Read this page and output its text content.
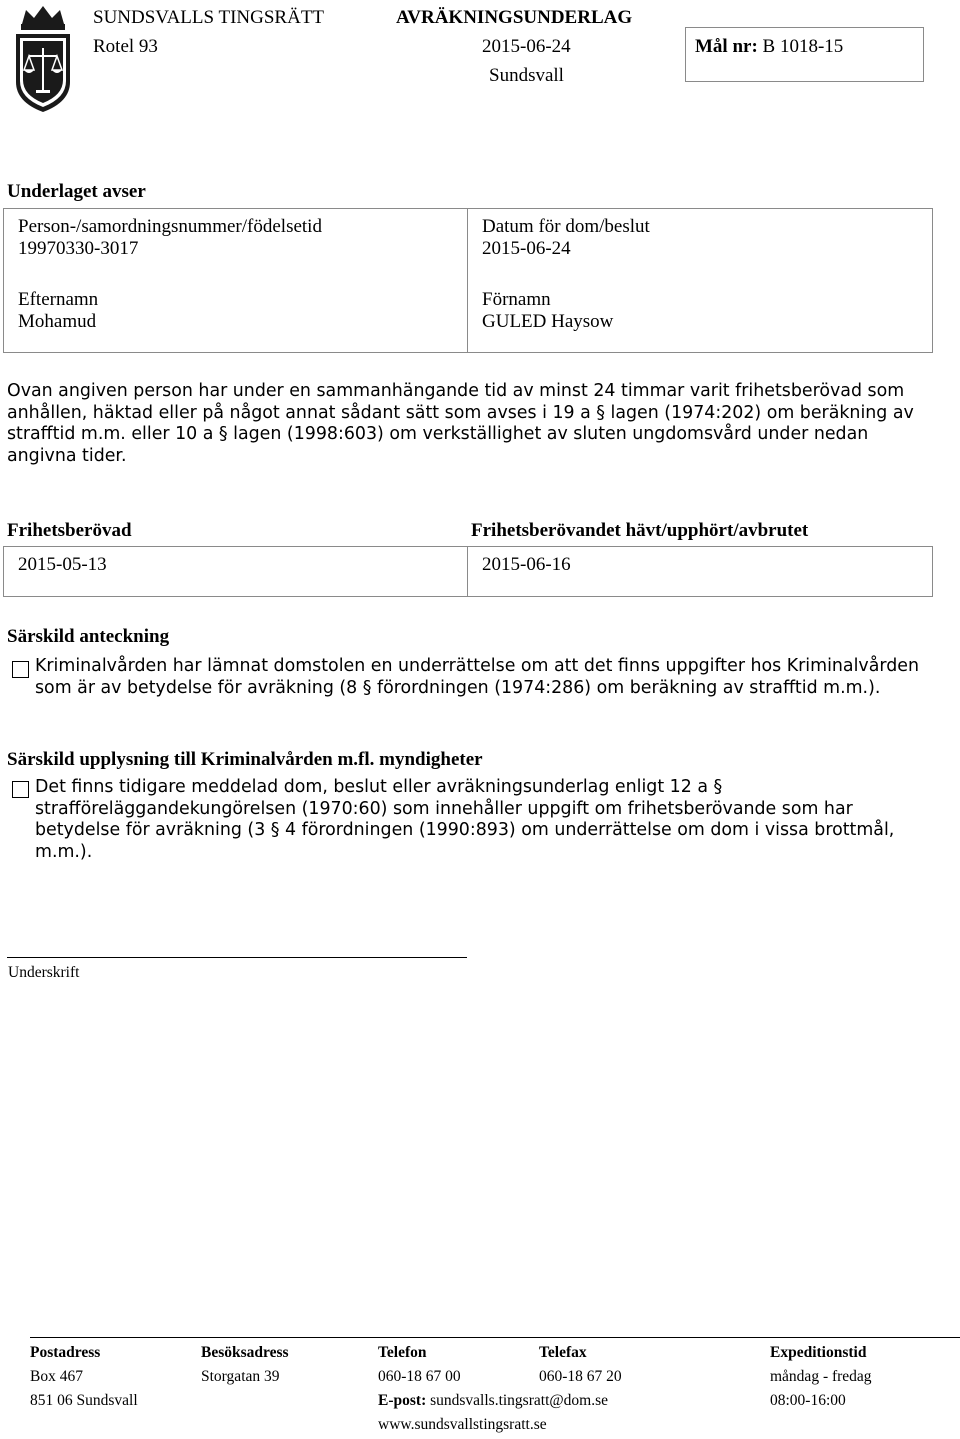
SUNDSVALLS TINGSRÄTT	AVRÄKNINGSUNDERLAG
Rotel 93	2015-06-24
Sundsvall
Mål nr: B 1018-15
Underlaget avser
Person-/samordningsnummer/födelsetid
19970330-3017
Datum för dom/beslut
2015-06-24
Efternamn
Mohamud
Förnamn
GULED Haysow
Ovan angiven person har under en sammanhängande tid av minst 24 timmar varit frihetsberövad som
anhållen, häktad eller på något annat sådant sätt som avses i 19 a § lagen (1974:202) om beräkning av
strafftid m.m. eller 10 a § lagen (1998:603) om verkställighet av sluten ungdomsvård under nedan
angivna tider.
Frihetsberövad	Frihetsberövandet hävt/upphört/avbrutet
2015-05-13	2015-06-16
Särskild anteckning
Kriminalvården har lämnat domstolen en underrättelse om att det finns uppgifter hos Kriminalvården
som är av betydelse för avräkning (8 § förordningen (1974:286) om beräkning av strafftid m.m.).
Särskild upplysning till Kriminalvården m.fl. myndigheter
Det finns tidigare meddelad dom, beslut eller avräkningsunderlag enligt 12 a §
strafföreläggandekungörelsen (1970:60) som innehåller uppgift om frihetsberövande som har
betydelse för avräkning (3 § 4 förordningen (1990:893) om underrättelse om dom i vissa brottmål,
m.m.).
Underskrift
Postadress
Box 467
851 06 Sundsvall
Besöksadress
Storgatan 39
Telefon
060-18 67 00
E-post: sundsvalls.tingsratt@dom.se
www.sundsvallstingsratt.se
Telefax
060-18 67 20
Expeditionstid
måndag - fredag
08:00-16:00
